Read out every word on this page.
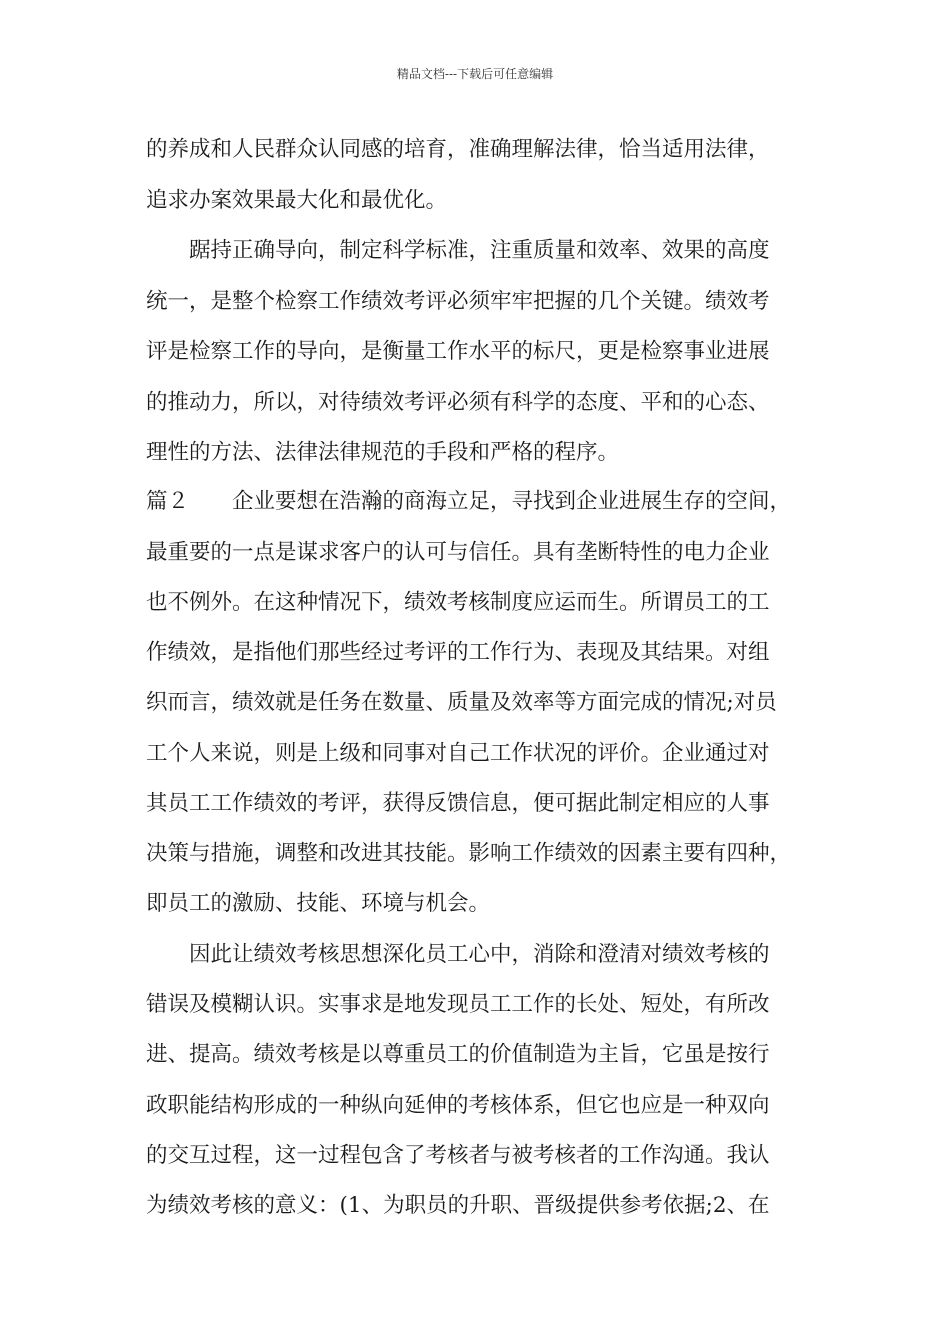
精品文档---下载后可任意编辑
的养成和人民群众认同感的培育，准确理解法律，恰当适用法律，
追求办案效果最大化和最优化。
踞持正确导向，制定科学标准，注重质量和效率、效果的高度
统一，是整个检察工作绩效考评必须牢牢把握的几个关键。绩效考
评是检察工作的导向，是衡量工作水平的标尺，更是检察事业进展
的推动力，所以，对待绩效考评必须有科学的态度、平和的心态、
理性的方法、法律法律规范的手段和严格的程序。
篇２　　企业要想在浩瀚的商海立足，寻找到企业进展生存的空间，
最重要的一点是谋求客户的认可与信任。具有垄断特性的电力企业
也不例外。在这种情况下，绩效考核制度应运而生。所谓员工的工
作绩效，是指他们那些经过考评的工作行为、表现及其结果。对组
织而言，绩效就是任务在数量、质量及效率等方面完成的情况;对员
工个人来说，则是上级和同事对自己工作状况的评价。企业通过对
其员工工作绩效的考评，获得反馈信息，便可据此制定相应的人事
决策与措施，调整和改进其技能。影响工作绩效的因素主要有四种，
即员工的激励、技能、环境与机会。
因此让绩效考核思想深化员工心中，消除和澄清对绩效考核的
错误及模糊认识。实事求是地发现员工工作的长处、短处，有所改
进、提高。绩效考核是以尊重员工的价值制造为主旨，它虽是按行
政职能结构形成的一种纵向延伸的考核体系，但它也应是一种双向
的交互过程，这一过程包含了考核者与被考核者的工作沟通。我认
为绩效考核的意义：(1、为职员的升职、晋级提供参考依据;2、在
